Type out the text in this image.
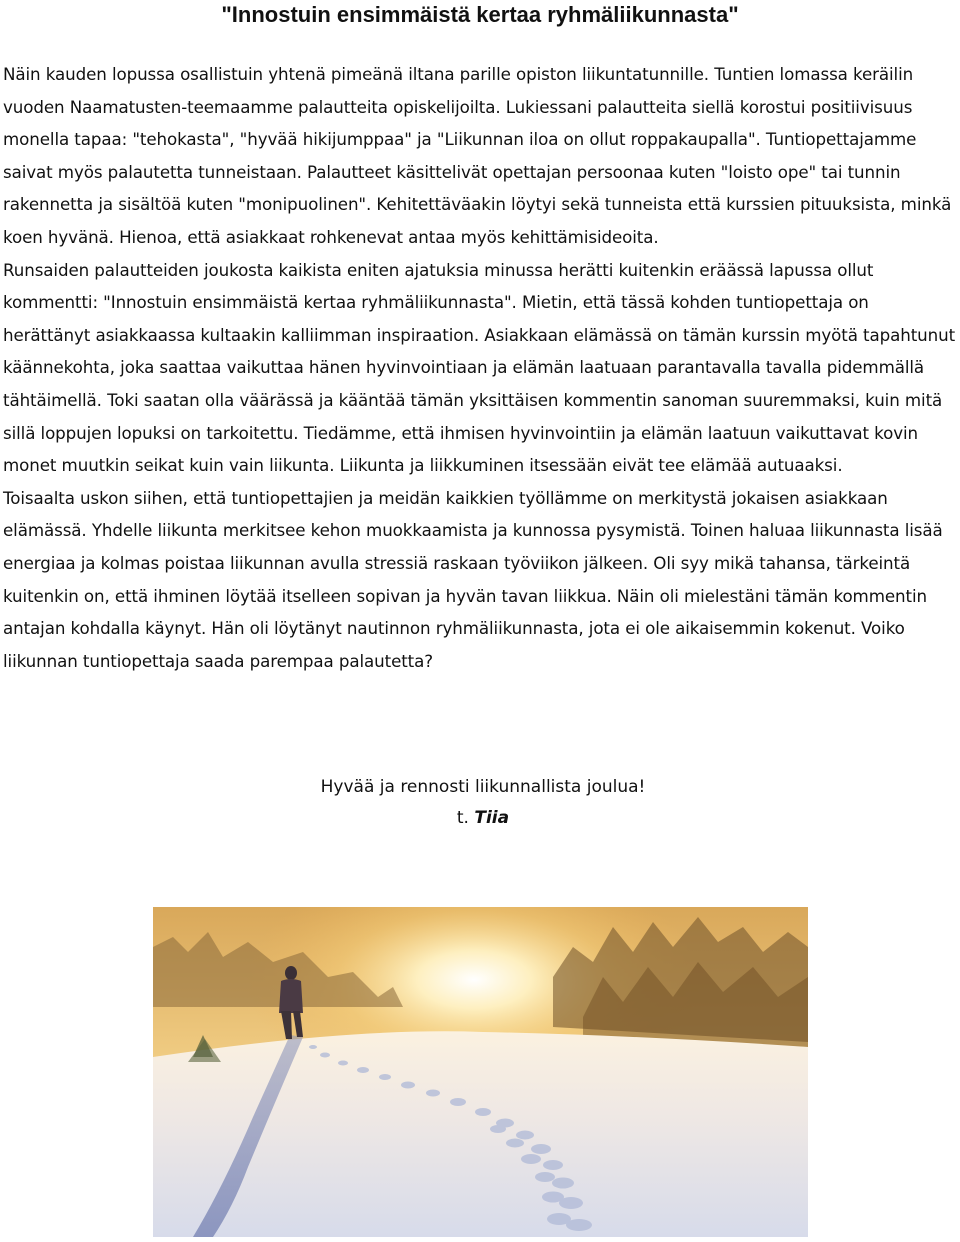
"Innostuin ensimmäistä kertaa ryhmäliikunnasta"

Näin kauden lopussa osallistuin yhtenä pimeänä iltana parille opiston liikuntatunnille. Tuntien lomassa keräilin vuoden Naamatusten-teemaamme palautteita opiskelijoilta. Lukiessani palautteita siellä korostui positiivisuus monella tapaa: "tehokasta", "hyvää hikijumppaa" ja "Liikunnan iloa on ollut roppakaupalla". Tuntiopettajamme saivat myös palautetta tunneistaan. Palautteet käsittelivät opettajan persoonaa kuten "loisto ope" tai tunnin rakennetta ja sisältöä kuten "monipuolinen". Kehitettäväakin löytyi sekä tunneista että kurssien pituuksista, minkä koen hyvänä. Hienoa, että asiakkaat rohkenevat antaa myös kehittämisideoita.

Runsaiden palautteiden joukosta kaikista eniten ajatuksia minussa herätti kuitenkin eräässä lapussa ollut kommentti: "Innostuin ensimmäistä kertaa ryhmäliikunnasta". Mietin, että tässä kohden tuntiopettaja on herättänyt asiakkaassa kultaakin kalliimman inspiraation. Asiakkaan elämässä on tämän kurssin myötä tapahtunut käännekohta, joka saattaa vaikuttaa hänen hyvinvointiaan ja elämän laatuaan parantavalla tavalla pidemmällä tähtäimellä. Toki saatan olla väärässä ja kääntää tämän yksittäisen kommentin sanoman suuremmaksi, kuin mitä sillä loppujen lopuksi on tarkoitettu. Tiedämme, että ihmisen hyvinvointiin ja elämän laatuun vaikuttavat kovin monet muutkin seikat kuin vain liikunta. Liikunta ja liikkuminen itsessään eivät tee elämää autuaaksi.

Toisaalta uskon siihen, että tuntiopettajien ja meidän kaikkien työllämme on merkitystä jokaisen asiakkaan elämässä. Yhdelle liikunta merkitsee kehon muokkaamista ja kunnossa pysymistä. Toinen haluaa liikunnasta lisää energiaa ja kolmas poistaa liikunnan avulla stressiä raskaan työviikon jälkeen. Oli syy mikä tahansa, tärkeintä kuitenkin on, että ihminen löytää itselleen sopivan ja hyvän tavan liikkua. Näin oli mielestäni tämän kommentin antajan kohdalla käynyt. Hän oli löytänyt nautinnon ryhmäliikunnasta, jota ei ole aikaisemmin kokenut. Voiko liikunnan tuntiopettaja saada parempaa palautetta?

Hyvää ja rennosti liikunnallista joulua!
t. Tiia
